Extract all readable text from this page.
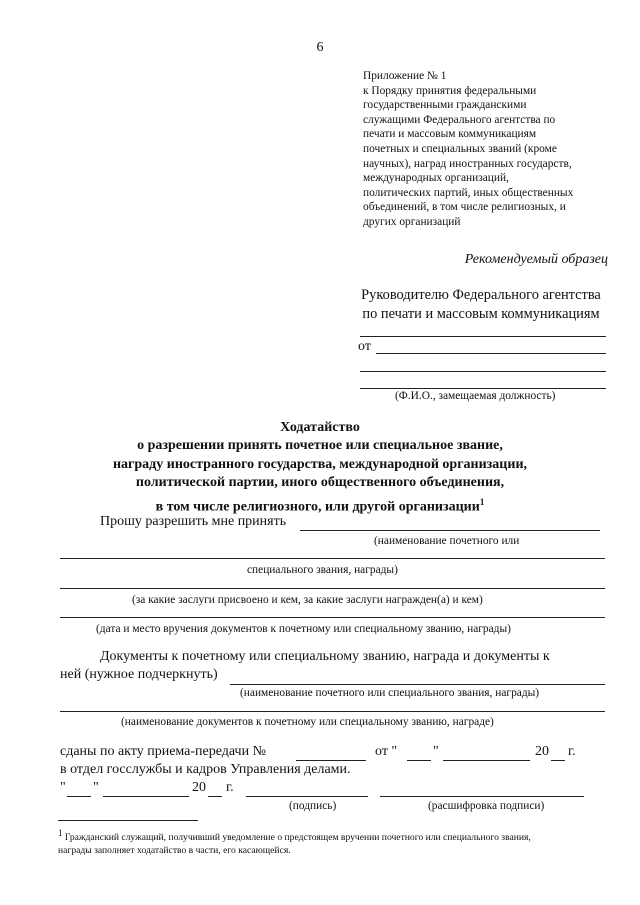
6
Приложение № 1
к Порядку принятия федеральными
государственными гражданскими
служащими Федерального агентства по
печати и массовым коммуникациям
почетных и специальных званий (кроме
научных), наград иностранных государств,
международных организаций,
политических партий, иных общественных
объединений, в том числе религиозных, и
других организаций
Рекомендуемый образец
Руководителю Федерального агентства
по печати и массовым коммуникациям
от
(Ф.И.О., замещаемая должность)
Ходатайство
о разрешении принять почетное или специальное звание,
награду иностранного государства, международной организации,
политической партии, иного общественного объединения,
в том числе религиозного, или другой организации$^1$
Прошу разрешить мне принять
(наименование почетного или
специального звания, награды)
(за какие заслуги присвоено и кем, за какие заслуги награжден(а) и кем)
(дата и место вручения документов к почетному или специальному званию, награды)
Документы к почетному или специальному званию, награда и документы к
ней (нужное подчеркнуть)
(наименование почетного или специального звания, награды)
(наименование документов к почетному или специальному званию, награде)
сданы по акту приема-передачи №	от "	"	20 г.
в отдел госслужбы и кадров Управления делами.
" "	20 г.
(подпись)	(расшифровка подписи)
$^1$ Гражданский служащий, получивший уведомление о предстоящем вручении почетного или специального звания,
награды заполняет ходатайство в части, его касающейся.
